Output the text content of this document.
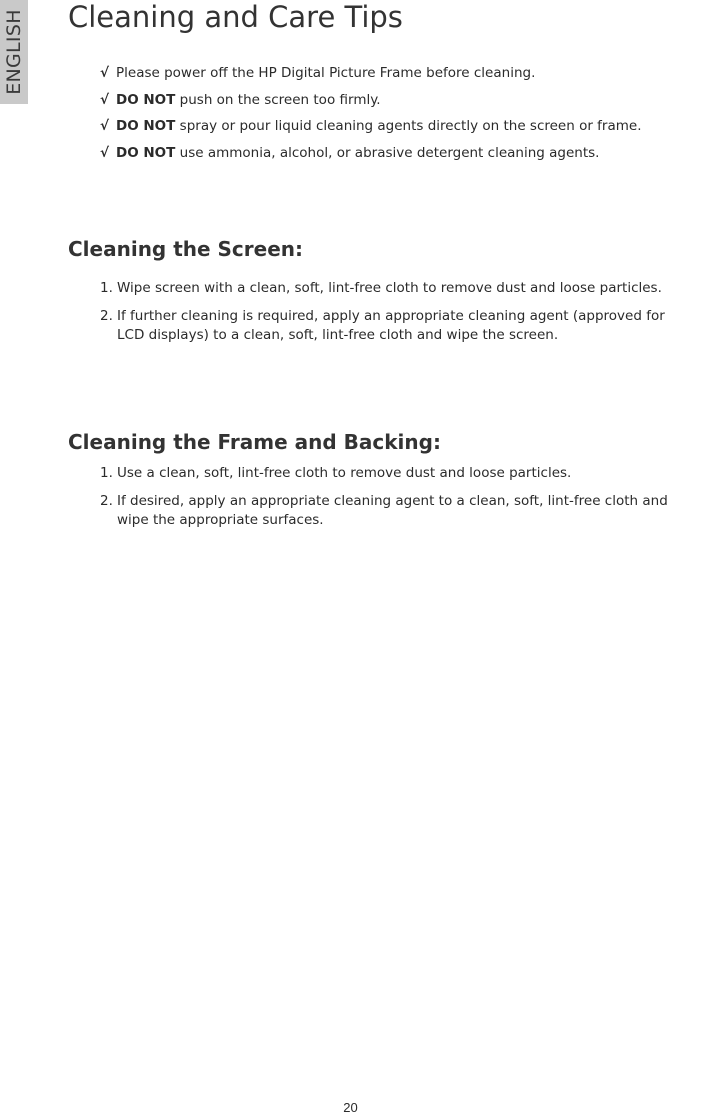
ENGLISH Cleaning and Care Tips
√ Please power off the HP Digital Picture Frame before cleaning.
√ DO NOT push on the screen too firmly.
√ DO NOT spray or pour liquid cleaning agents directly on the screen or frame.
√ DO NOT use ammonia, alcohol, or abrasive detergent cleaning agents.
Cleaning the Screen:
1. Wipe screen with a clean, soft, lint-free cloth to remove dust and loose particles.
2. If further cleaning is required, apply an appropriate cleaning agent (approved for LCD displays) to a clean, soft, lint-free cloth and wipe the screen.
Cleaning the Frame and Backing:
1. Use a clean, soft, lint-free cloth to remove dust and loose particles.
2. If desired, apply an appropriate cleaning agent to a clean, soft, lint-free cloth and wipe the appropriate surfaces.
20
